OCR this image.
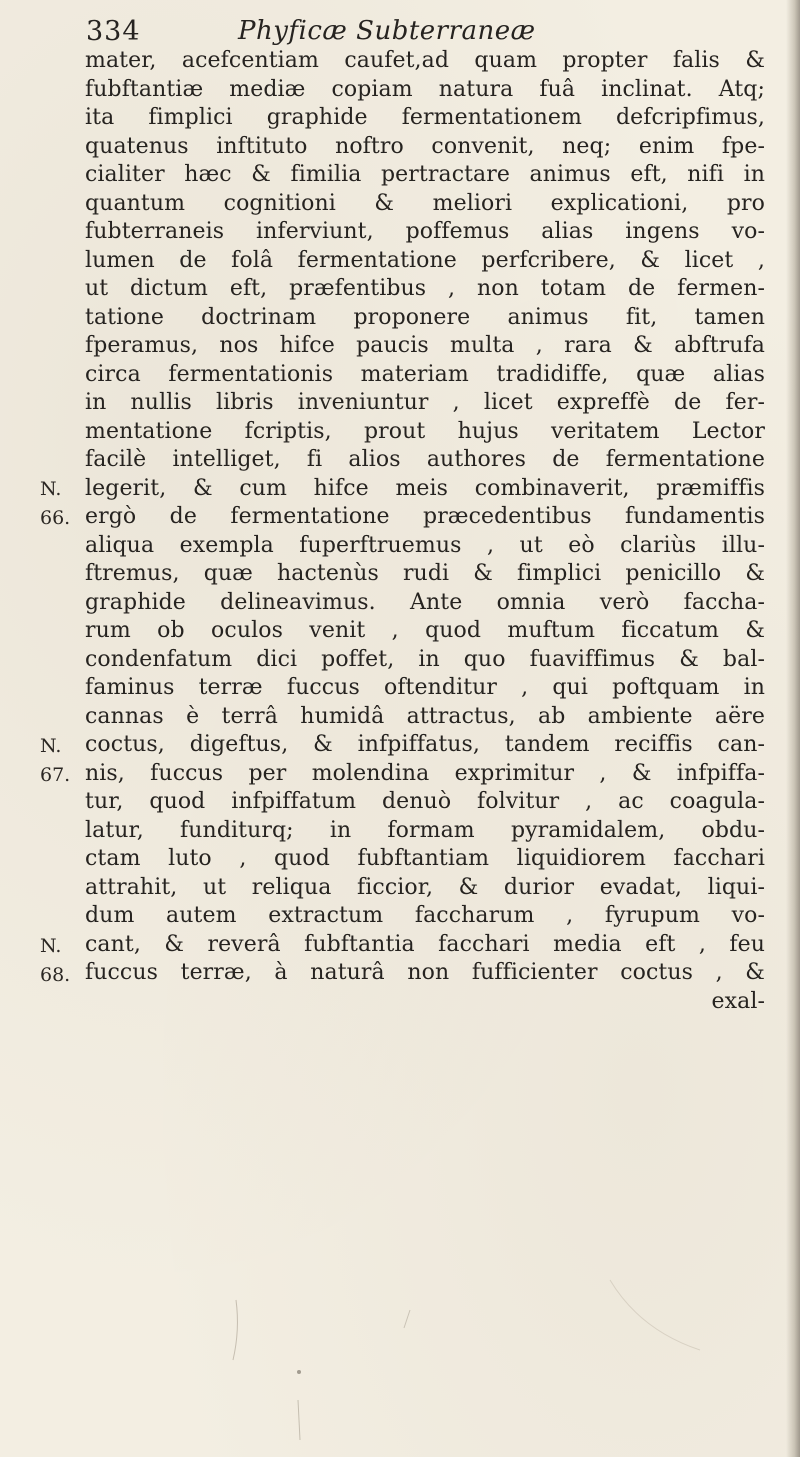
334	Phyficæ Subterraneæ
mater, acefcentiam caufet,ad quam propter falis &
fubftantiæ mediæ copiam natura fuâ inclinat. Atq;
ita fimplici graphide fermentationem defcripfimus,
quatenus inftituto noftro convenit, neq; enim fpe-
cialiter hæc & fimilia pertractare animus eft, nifi in
quantum cognitioni & meliori explicationi, pro
fubterraneis inferviunt, poffemus alias ingens vo-
lumen de folâ fermentatione perfcribere, & licet ,
ut dictum eft, præfentibus , non totam de fermen-
tatione doctrinam proponere animus fit, tamen
fperamus, nos hifce paucis multa , rara & abftrufa
circa fermentationis materiam tradidiffe, quæ alias
in nullis libris inveniuntur , licet expreffè de fer-
mentatione fcriptis, prout hujus veritatem Lector
facilè intelliget, fi alios authores de fermentatione
legerit, & cum hifce meis combinaverit, præmiffis
ergò de fermentatione præcedentibus fundamentis
aliqua exempla fuperftruemus , ut eò clariùs illu-
ftremus, quæ hactenùs rudi & fimplici penicillo &
graphide delineavimus. Ante omnia verò faccha-
rum ob oculos venit , quod muftum ficcatum &
condenfatum dici poffet, in quo fuaviffimus & bal-
faminus terræ fuccus oftenditur , qui poftquam in
cannas è terrâ humidâ attractus, ab ambiente aëre
coctus, digeftus, & infpiffatus, tandem reciffis can-
nis, fuccus per molendina exprimitur , & infpiffa-
tur, quod infpiffatum denuò folvitur , ac coagula-
latur, funditurq; in formam pyramidalem, obdu-
ctam luto , quod fubftantiam liquidiorem facchari
attrahit, ut reliqua ficcior, & durior evadat, liqui-
dum autem extractum faccharum , fyrupum vo-
cant, & reverâ fubftantia facchari media eft , feu
fuccus terræ, à naturâ non fufficienter coctus , &
exal-
N.
66.
N.
67.
N.
68.
